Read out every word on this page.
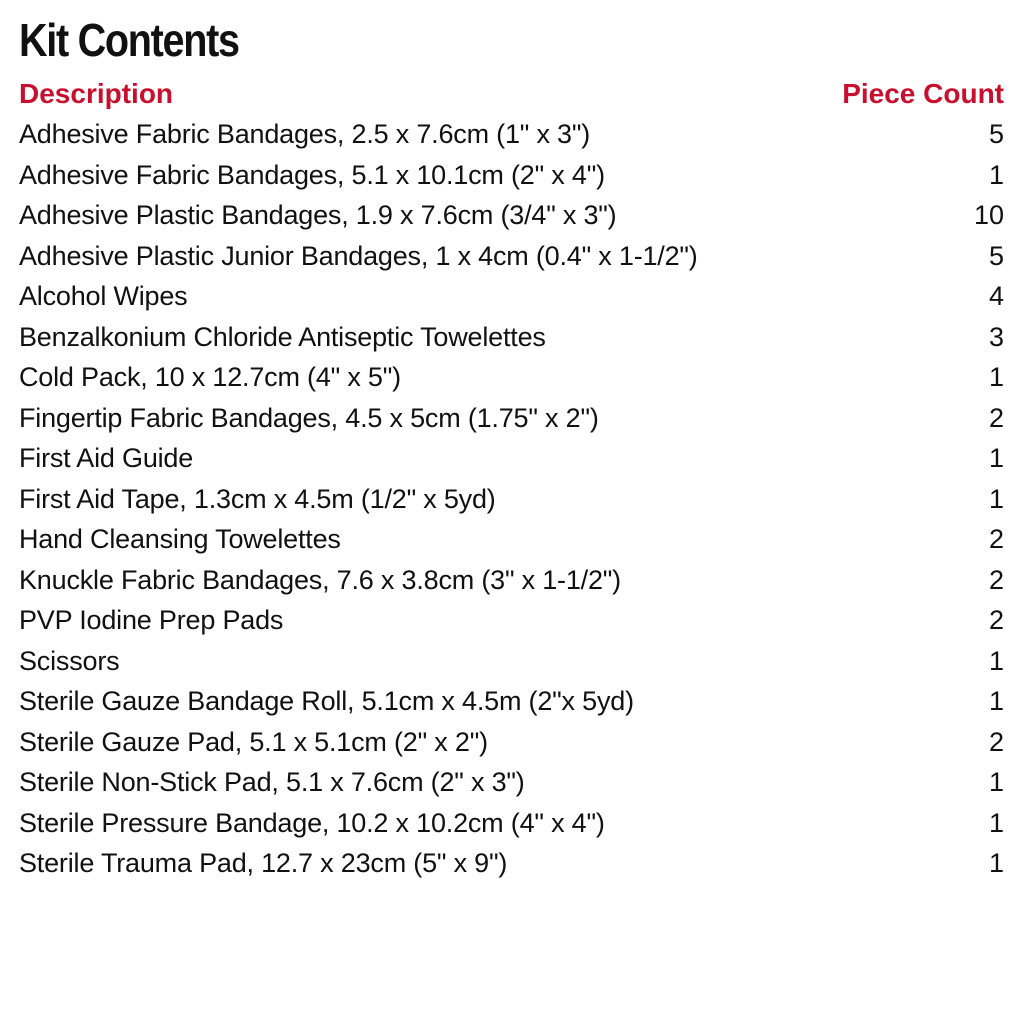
Kit Contents
Description	Piece Count
Adhesive Fabric Bandages, 2.5 x 7.6cm (1" x 3")	5
Adhesive Fabric Bandages, 5.1 x 10.1cm (2" x 4")	1
Adhesive Plastic Bandages, 1.9 x 7.6cm (3/4" x 3")	10
Adhesive Plastic Junior Bandages, 1 x 4cm (0.4" x 1-1/2")	5
Alcohol Wipes	4
Benzalkonium Chloride Antiseptic Towelettes	3
Cold Pack, 10 x 12.7cm (4" x 5")	1
Fingertip Fabric Bandages, 4.5 x 5cm (1.75" x 2")	2
First Aid Guide	1
First Aid Tape, 1.3cm x 4.5m (1/2" x 5yd)	1
Hand Cleansing Towelettes	2
Knuckle Fabric Bandages, 7.6 x 3.8cm (3" x 1-1/2")	2
PVP Iodine Prep Pads	2
Scissors	1
Sterile Gauze Bandage Roll, 5.1cm x 4.5m (2"x 5yd)	1
Sterile Gauze Pad, 5.1 x 5.1cm (2" x 2")	2
Sterile Non-Stick Pad, 5.1 x 7.6cm (2" x 3")	1
Sterile Pressure Bandage, 10.2 x 10.2cm (4" x 4")	1
Sterile Trauma Pad, 12.7 x 23cm (5" x 9")	1
